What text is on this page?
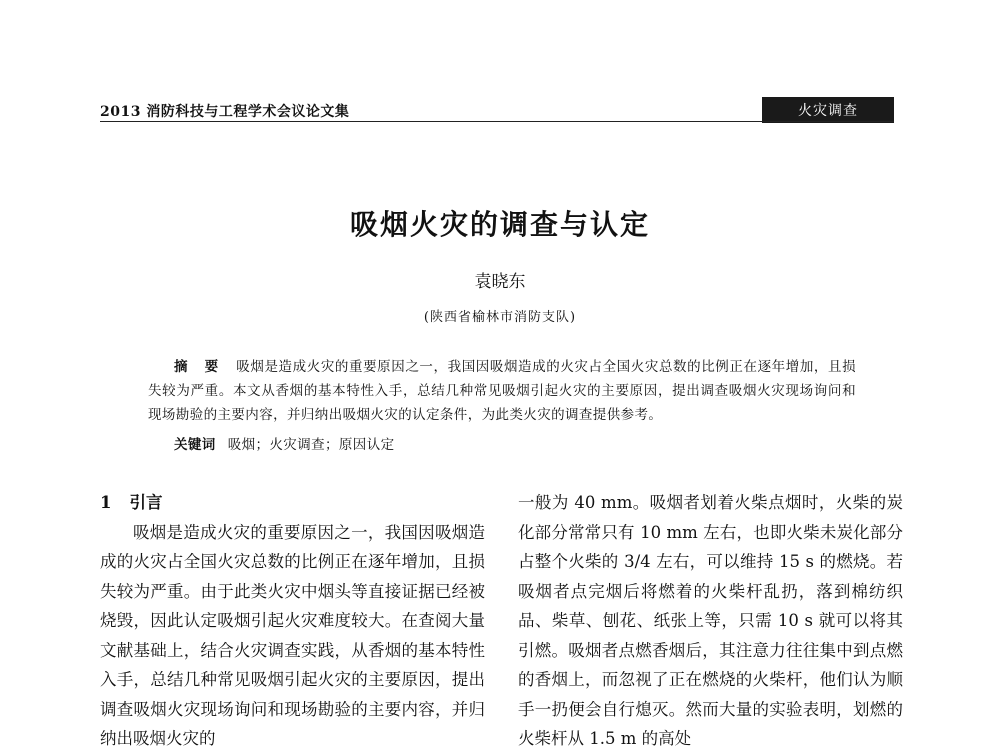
2013 消防科技与工程学术会议论文集	火灾调查
吸烟火灾的调查与认定
袁晓东
(陕西省榆林市消防支队)
摘 要 吸烟是造成火灾的重要原因之一，我国因吸烟造成的火灾占全国火灾总数的比例正在逐年增加，且损失较为严重。本文从香烟的基本特性入手，总结几种常见吸烟引起火灾的主要原因，提出调查吸烟火灾现场询问和现场勘验的主要内容，并归纳出吸烟火灾的认定条件，为此类火灾的调查提供参考。
关键词 吸烟；火灾调查；原因认定
1 引言

吸烟是造成火灾的重要原因之一，我国因吸烟造成的火灾占全国火灾总数的比例正在逐年增加，且损失较为严重。由于此类火灾中烟头等直接证据已经被烧毁，因此认定吸烟引起火灾难度较大。在查阅大量文献基础上，结合火灾调查实践，从香烟的基本特性入手，总结几种常见吸烟引起火灾的主要原因，提出调查吸烟火灾现场询问和现场勘验的主要内容，并归纳出吸烟火灾的

一般为 40 mm。吸烟者划着火柴点烟时，火柴的炭化部分常常只有 10 mm 左右，也即火柴未炭化部分占整个火柴的 3/4 左右，可以维持 15 s 的燃烧。若吸烟者点完烟后将燃着的火柴杆乱扔，落到棉纺织品、柴草、刨花、纸张上等，只需 10 s 就可以将其引燃。吸烟者点燃香烟后，其注意力往往集中到点燃的香烟上，而忽视了正在燃烧的火柴杆，他们认为顺手一扔便会自行熄灭。然而大量的实验表明，划燃的火柴杆从 1.5 m 的高处
